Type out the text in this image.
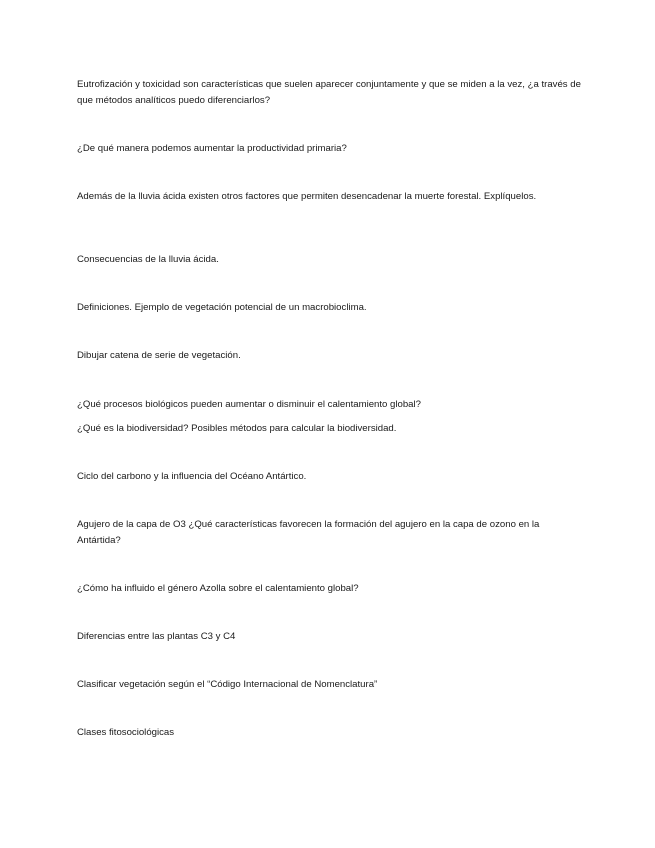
Eutrofización y toxicidad son características que suelen aparecer conjuntamente y que se miden a la vez, ¿a través de que métodos analíticos puedo diferenciarlos?
¿De qué manera podemos aumentar la productividad primaria?
Además de la lluvia ácida existen otros factores que permiten desencadenar la muerte forestal. Explíquelos.
Consecuencias de la lluvia ácida.
Definiciones. Ejemplo de vegetación potencial de un macrobioclima.
Dibujar catena de serie de vegetación.
¿Qué procesos biológicos pueden aumentar o disminuir el calentamiento global?
¿Qué es la biodiversidad? Posibles métodos para calcular la biodiversidad.
Ciclo del carbono y la influencia del Océano Antártico.
Agujero de la capa de O3 ¿Qué características favorecen la formación del agujero en la capa de ozono en la Antártida?
¿Cómo ha influido el género Azolla sobre el calentamiento global?
Diferencias entre las plantas C3 y C4
Clasificar vegetación según el “Código Internacional de Nomenclatura”
Clases fitosociológicas
